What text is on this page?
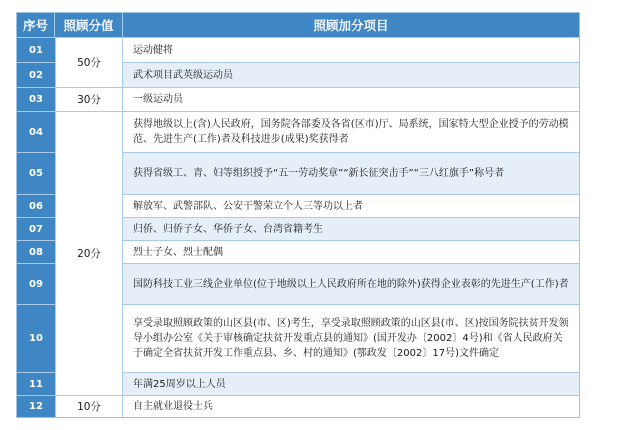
序号	照顾分值	照顾加分项目
01	50分	运动健将
02		武术项目武英级运动员
03	30分	一级运动员
04	20分	获得地级以上(含)人民政府，国务院各部委及各省(区市)厅、局系统，国家特大型企业授予的劳动模范、先进生产(工作)者及科技进步(成果)奖获得者
05		获得省级工、青、妇等组织授予“五一劳动奖章”“新长征突击手”“三八红旗手”称号者
06		解放军、武警部队、公安干警荣立个人三等功以上者
07		归侨、归侨子女、华侨子女、台湾省籍考生
08		烈士子女、烈士配偶
09		国防科技工业三线企业单位(位于地级以上人民政府所在地的除外)获得企业表彰的先进生产(工作)者
10		享受录取照顾政策的山区县(市、区)考生，享受录取照顾政策的山区县(市、区)按国务院扶贫开发领导小组办公室《关于审核确定扶贫开发重点县的通知》(国开发办〔2002〕4号)和《省人民政府关于确定全省扶贫开发工作重点县、乡、村的通知》(鄂政发〔2002〕17号)文件确定
11		年满25周岁以上人员
12	10分	自主就业退役士兵
